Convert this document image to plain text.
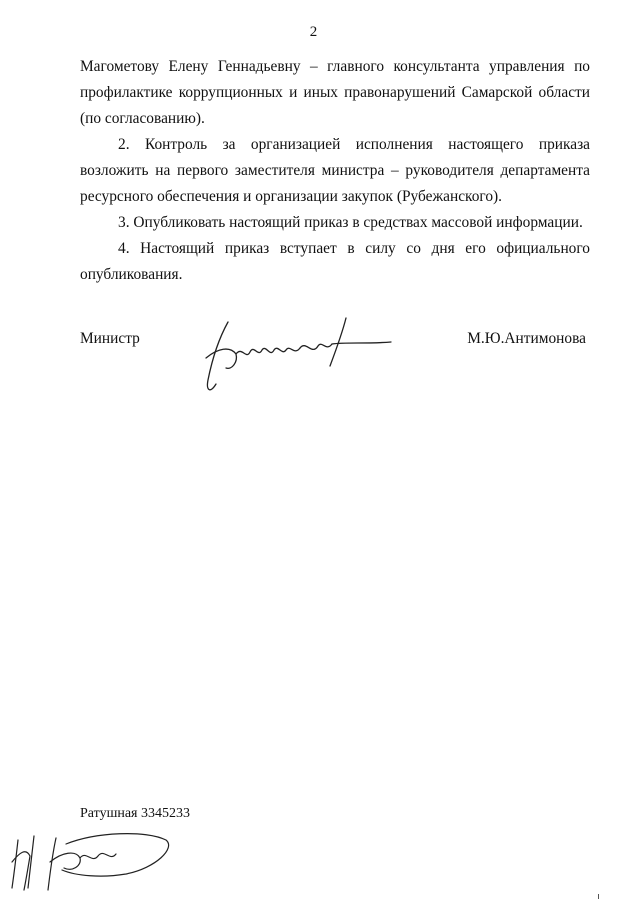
2
Магометову Елену Геннадьевну – главного консультанта управления по профилактике коррупционных и иных правонарушений Самарской области (по согласованию).
2. Контроль за организацией исполнения настоящего приказа возложить на первого заместителя министра – руководителя департамента ресурсного обеспечения и организации закупок (Рубежанского).
3. Опубликовать настоящий приказ в средствах массовой информации.
4. Настоящий приказ вступает в силу со дня его официального опубликования.
Министр	М.Ю.Антимонова
Ратушная 3345233
